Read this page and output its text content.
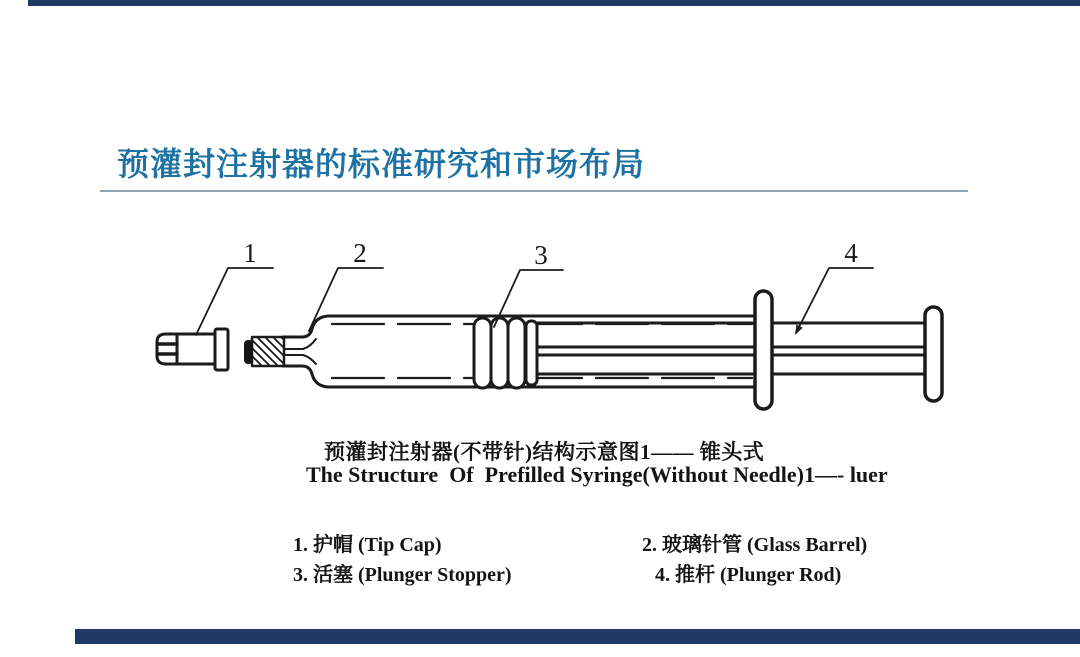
预灌封注射器的标准研究和市场布局
1	2	3	4
预灌封注射器(不带针)结构示意图1—— 锥头式
The Structure  Of  Prefilled Syringe(Without Needle)1—- luer
1. 护帽 (Tip Cap)	2. 玻璃针管 (Glass Barrel)
3. 活塞 (Plunger Stopper)	4. 推杆 (Plunger Rod)
